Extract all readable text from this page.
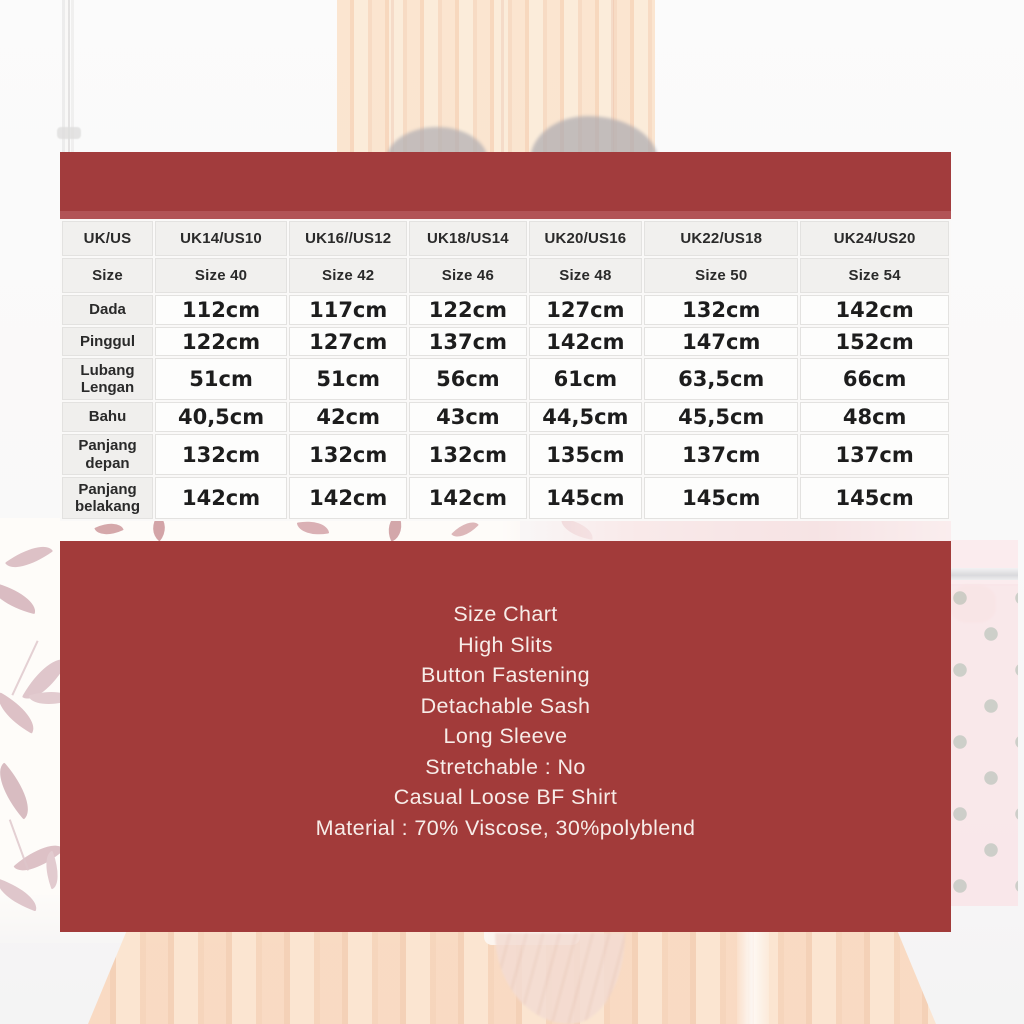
UK/US	UK14/US10	UK16//US12	UK18/US14	UK20/US16	UK22/US18	UK24/US20
Size	Size 40	Size 42	Size 46	Size 48	Size 50	Size 54
Dada	112cm	117cm	122cm	127cm	132cm	142cm
Pinggul	122cm	127cm	137cm	142cm	147cm	152cm
Lubang Lengan	51cm	51cm	56cm	61cm	63,5cm	66cm
Bahu	40,5cm	42cm	43cm	44,5cm	45,5cm	48cm
Panjang depan	132cm	132cm	132cm	135cm	137cm	137cm
Panjang belakang	142cm	142cm	142cm	145cm	145cm	145cm
Size Chart
High Slits
Button Fastening
Detachable Sash
Long Sleeve
Stretchable : No
Casual Loose BF Shirt
Material : 70% Viscose, 30%polyblend
